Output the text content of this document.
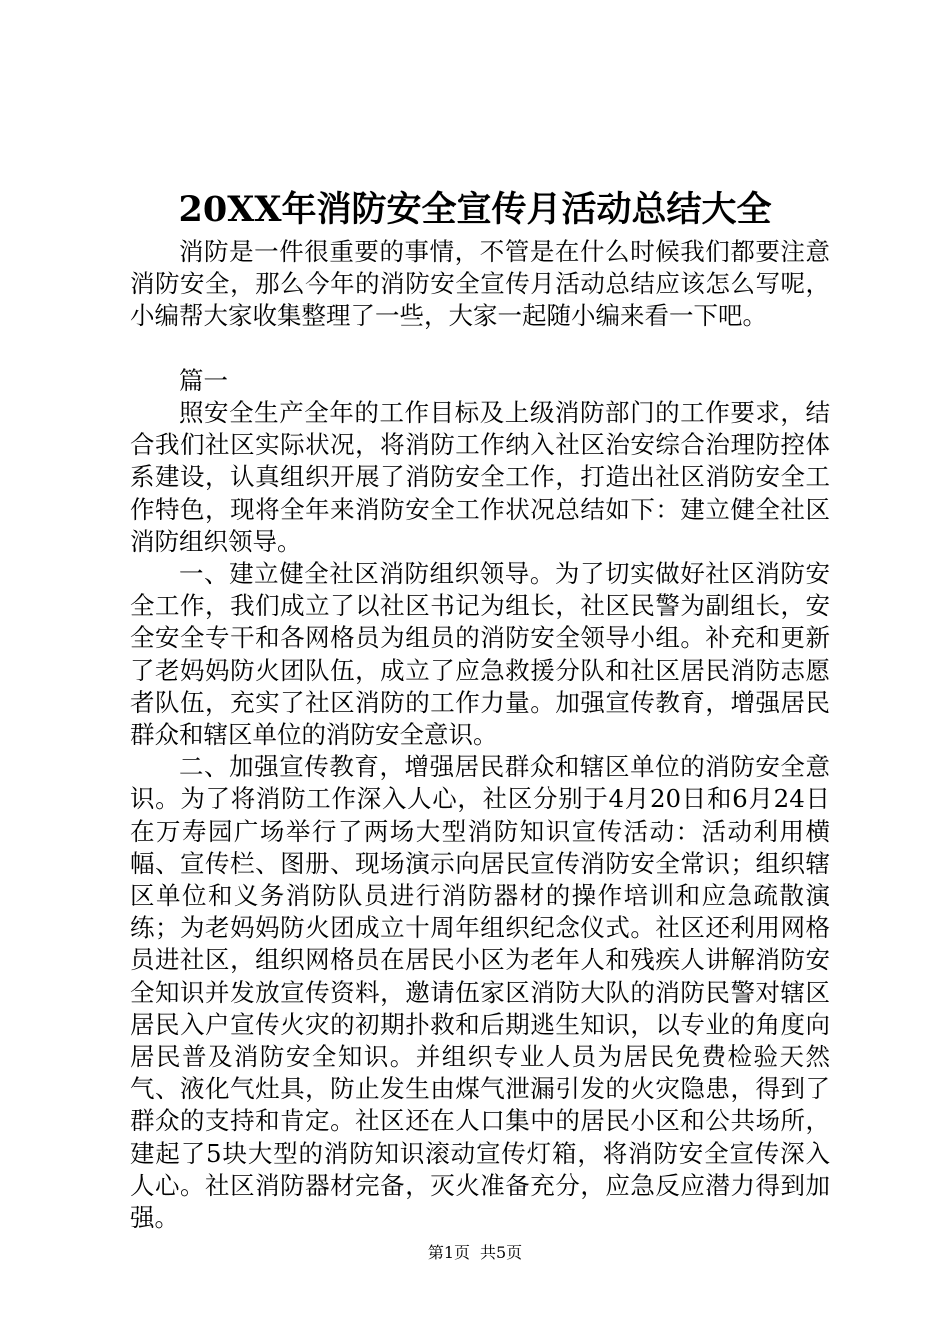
20XX年消防安全宣传月活动总结大全

消防是一件很重要的事情，不管是在什么时候我们都要注意消防安全，那么今年的消防安全宣传月活动总结应该怎么写呢，小编帮大家收集整理了一些，大家一起随小编来看一下吧。

篇一

照安全生产全年的工作目标及上级消防部门的工作要求，结合我们社区实际状况，将消防工作纳入社区治安综合治理防控体系建设，认真组织开展了消防安全工作，打造出社区消防安全工作特色，现将全年来消防安全工作状况总结如下：建立健全社区消防组织领导。

一、建立健全社区消防组织领导。为了切实做好社区消防安全工作，我们成立了以社区书记为组长，社区民警为副组长，安全安全专干和各网格员为组员的消防安全领导小组。补充和更新了老妈妈防火团队伍，成立了应急救援分队和社区居民消防志愿者队伍，充实了社区消防的工作力量。加强宣传教育，增强居民群众和辖区单位的消防安全意识。

二、加强宣传教育，增强居民群众和辖区单位的消防安全意识。为了将消防工作深入人心，社区分别于4月20日和6月24日在万寿园广场举行了两场大型消防知识宣传活动：活动利用横幅、宣传栏、图册、现场演示向居民宣传消防安全常识；组织辖区单位和义务消防队员进行消防器材的操作培训和应急疏散演练；为老妈妈防火团成立十周年组织纪念仪式。社区还利用网格员进社区，组织网格员在居民小区为老年人和残疾人讲解消防安全知识并发放宣传资料，邀请伍家区消防大队的消防民警对辖区居民入户宣传火灾的初期扑救和后期逃生知识，以专业的角度向居民普及消防安全知识。并组织专业人员为居民免费检验天然气、液化气灶具，防止发生由煤气泄漏引发的火灾隐患，得到了群众的支持和肯定。社区还在人口集中的居民小区和公共场所，建起了5块大型的消防知识滚动宣传灯箱，将消防安全宣传深入人心。社区消防器材完备，灭火准备充分，应急反应潜力得到加强。

第1页 共5页
